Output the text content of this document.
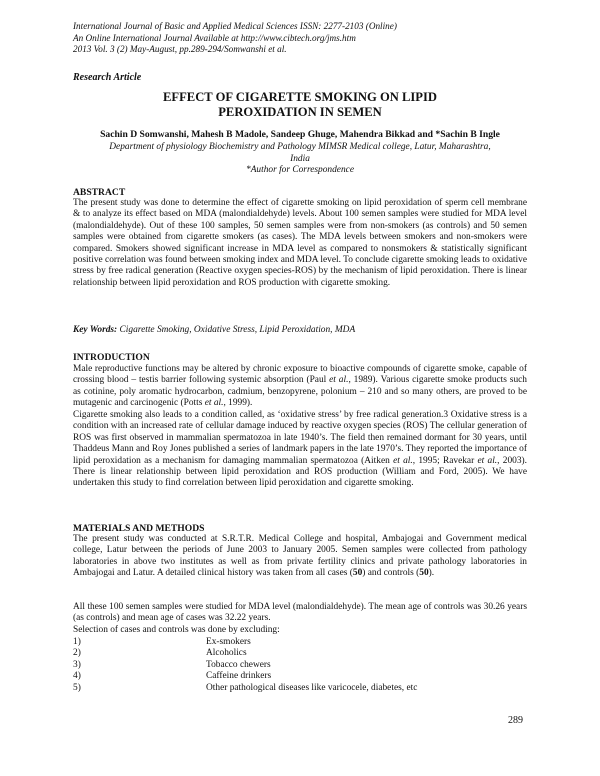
International Journal of Basic and Applied Medical Sciences ISSN: 2277-2103 (Online)
An Online International Journal Available at http://www.cibtech.org/jms.htm
2013 Vol. 3 (2) May-August, pp.289-294/Somwanshi et al.
Research Article
EFFECT OF CIGARETTE SMOKING ON LIPID
PEROXIDATION IN SEMEN
Sachin D Somwanshi, Mahesh B Madole, Sandeep Ghuge, Mahendra Bikkad and *Sachin B Ingle
Department of physiology Biochemistry and Pathology MIMSR Medical college, Latur, Maharashtra,
India
*Author for Correspondence
ABSTRACT
The present study was done to determine the effect of cigarette smoking on lipid peroxidation of sperm cell membrane & to analyze its effect based on MDA (malondialdehyde) levels. About 100 semen samples were studied for MDA level (malondialdehyde). Out of these 100 samples, 50 semen samples were from non-smokers (as controls) and 50 semen samples were obtained from cigarette smokers (as cases). The MDA levels between smokers and non-smokers were compared. Smokers showed significant increase in MDA level as compared to nonsmokers & statistically significant positive correlation was found between smoking index and MDA level. To conclude cigarette smoking leads to oxidative stress by free radical generation (Reactive oxygen species-ROS) by the mechanism of lipid peroxidation. There is linear relationship between lipid peroxidation and ROS production with cigarette smoking.
Key Words: Cigarette Smoking, Oxidative Stress, Lipid Peroxidation, MDA
INTRODUCTION
Male reproductive functions may be altered by chronic exposure to bioactive compounds of cigarette smoke, capable of crossing blood – testis barrier following systemic absorption (Paul et al., 1989). Various cigarette smoke products such as cotinine, poly aromatic hydrocarbon, cadmium, benzopyrene, polonium – 210 and so many others, are proved to be mutagenic and carcinogenic (Potts et al., 1999).
Cigarette smoking also leads to a condition called, as ‘oxidative stress’ by free radical generation.3 Oxidative stress is a condition with an increased rate of cellular damage induced by reactive oxygen species (ROS) The cellular generation of ROS was first observed in mammalian spermatozoa in late 1940’s. The field then remained dormant for 30 years, until Thaddeus Mann and Roy Jones published a series of landmark papers in the late 1970’s. They reported the importance of lipid peroxidation as a mechanism for damaging mammalian spermatozoa (Aitken et al., 1995; Ravekar et al., 2003). There is linear relationship between lipid peroxidation and ROS production (William and Ford, 2005). We have undertaken this study to find correlation between lipid peroxidation and cigarette smoking.
MATERIALS AND METHODS
The present study was conducted at S.R.T.R. Medical College and hospital, Ambajogai and Government medical college, Latur between the periods of June 2003 to January 2005. Semen samples were collected from pathology laboratories in above two institutes as well as from private fertility clinics and private pathology laboratories in Ambajogai and Latur. A detailed clinical history was taken from all cases (50) and controls (50).
All these 100 semen samples were studied for MDA level (malondialdehyde). The mean age of controls was 30.26 years (as controls) and mean age of cases was 32.22 years.
Selection of cases and controls was done by excluding:
1)	Ex-smokers
2)	Alcoholics
3)	Tobacco chewers
4)	Caffeine drinkers
5)	Other pathological diseases like varicocele, diabetes, etc
289
